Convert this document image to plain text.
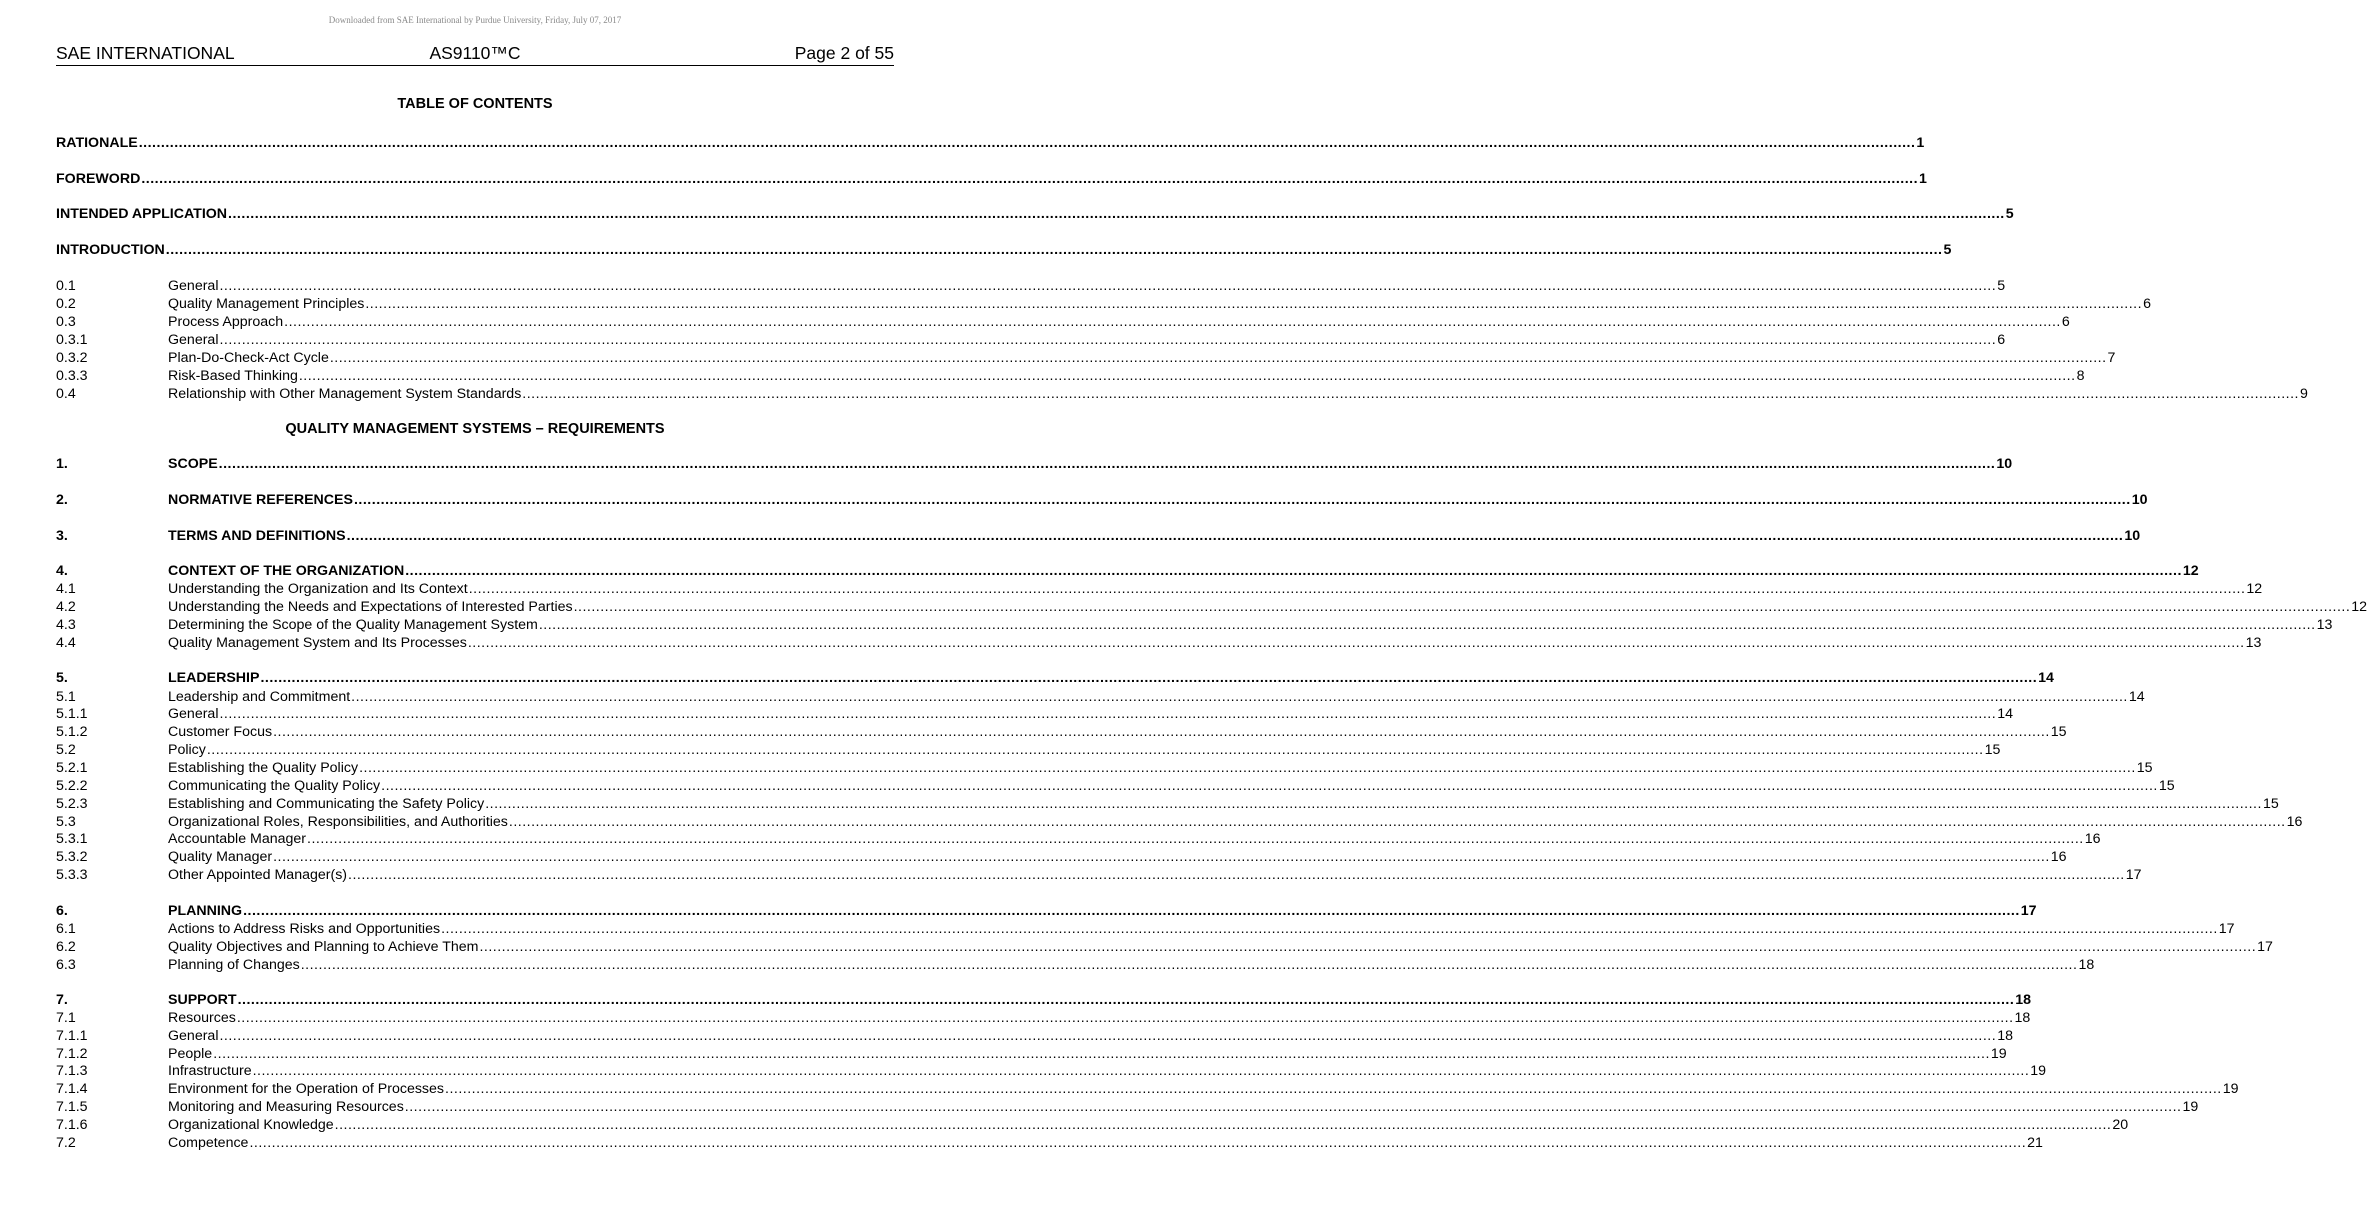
Downloaded from SAE International by Purdue University, Friday, July 07, 2017
SAE INTERNATIONAL	AS9110™C	Page 2 of 55
TABLE OF CONTENTS
RATIONALE ................................................................................................................................................................................................................................................................................................................................................................................................................ 1
FOREWORD ................................................................................................................................................................................................................................................................................................................................................................................................................ 1
INTENDED APPLICATION ................................................................................................................................................................................................................................................................................................................................................................................................................ 5
INTRODUCTION ................................................................................................................................................................................................................................................................................................................................................................................................................ 5
0.1	General ................................................................................................................................................................................................................................................................................................................................................................................................................ 5
0.2	Quality Management Principles ................................................................................................................................................................................................................................................................................................................................................................................................................ 6
0.3	Process Approach ................................................................................................................................................................................................................................................................................................................................................................................................................ 6
0.3.1	General ................................................................................................................................................................................................................................................................................................................................................................................................................ 6
0.3.2	Plan-Do-Check-Act Cycle ................................................................................................................................................................................................................................................................................................................................................................................................................ 7
0.3.3	Risk-Based Thinking ................................................................................................................................................................................................................................................................................................................................................................................................................ 8
0.4	Relationship with Other Management System Standards ................................................................................................................................................................................................................................................................................................................................................................................................................ 9
1.	SCOPE ................................................................................................................................................................................................................................................................................................................................................................................................................ 10
2.	NORMATIVE REFERENCES ................................................................................................................................................................................................................................................................................................................................................................................................................ 10
3.	TERMS AND DEFINITIONS ................................................................................................................................................................................................................................................................................................................................................................................................................ 10
4.	CONTEXT OF THE ORGANIZATION ................................................................................................................................................................................................................................................................................................................................................................................................................ 12
4.1	Understanding the Organization and Its Context ................................................................................................................................................................................................................................................................................................................................................................................................................ 12
4.2	Understanding the Needs and Expectations of Interested Parties ................................................................................................................................................................................................................................................................................................................................................................................................................ 12
4.3	Determining the Scope of the Quality Management System ................................................................................................................................................................................................................................................................................................................................................................................................................ 13
4.4	Quality Management System and Its Processes ................................................................................................................................................................................................................................................................................................................................................................................................................ 13
5.	LEADERSHIP ................................................................................................................................................................................................................................................................................................................................................................................................................ 14
5.1	Leadership and Commitment ................................................................................................................................................................................................................................................................................................................................................................................................................ 14
5.1.1	General ................................................................................................................................................................................................................................................................................................................................................................................................................ 14
5.1.2	Customer Focus ................................................................................................................................................................................................................................................................................................................................................................................................................ 15
5.2	Policy ................................................................................................................................................................................................................................................................................................................................................................................................................ 15
5.2.1	Establishing the Quality Policy ................................................................................................................................................................................................................................................................................................................................................................................................................ 15
5.2.2	Communicating the Quality Policy ................................................................................................................................................................................................................................................................................................................................................................................................................ 15
5.2.3	Establishing and Communicating the Safety Policy ................................................................................................................................................................................................................................................................................................................................................................................................................ 15
5.3	Organizational Roles, Responsibilities, and Authorities ................................................................................................................................................................................................................................................................................................................................................................................................................ 16
5.3.1	Accountable Manager ................................................................................................................................................................................................................................................................................................................................................................................................................ 16
5.3.2	Quality Manager ................................................................................................................................................................................................................................................................................................................................................................................................................ 16
5.3.3	Other Appointed Manager(s) ................................................................................................................................................................................................................................................................................................................................................................................................................ 17
6.	PLANNING ................................................................................................................................................................................................................................................................................................................................................................................................................ 17
6.1	Actions to Address Risks and Opportunities ................................................................................................................................................................................................................................................................................................................................................................................................................ 17
6.2	Quality Objectives and Planning to Achieve Them ................................................................................................................................................................................................................................................................................................................................................................................................................ 17
6.3	Planning of Changes ................................................................................................................................................................................................................................................................................................................................................................................................................ 18
7.	SUPPORT ................................................................................................................................................................................................................................................................................................................................................................................................................ 18
7.1	Resources ................................................................................................................................................................................................................................................................................................................................................................................................................ 18
7.1.1	General ................................................................................................................................................................................................................................................................................................................................................................................................................ 18
7.1.2	People ................................................................................................................................................................................................................................................................................................................................................................................................................ 19
7.1.3	Infrastructure ................................................................................................................................................................................................................................................................................................................................................................................................................ 19
7.1.4	Environment for the Operation of Processes ................................................................................................................................................................................................................................................................................................................................................................................................................ 19
7.1.5	Monitoring and Measuring Resources ................................................................................................................................................................................................................................................................................................................................................................................................................ 19
7.1.6	Organizational Knowledge ................................................................................................................................................................................................................................................................................................................................................................................................................ 20
7.2	Competence ................................................................................................................................................................................................................................................................................................................................................................................................................ 21
QUALITY MANAGEMENT SYSTEMS – REQUIREMENTS
